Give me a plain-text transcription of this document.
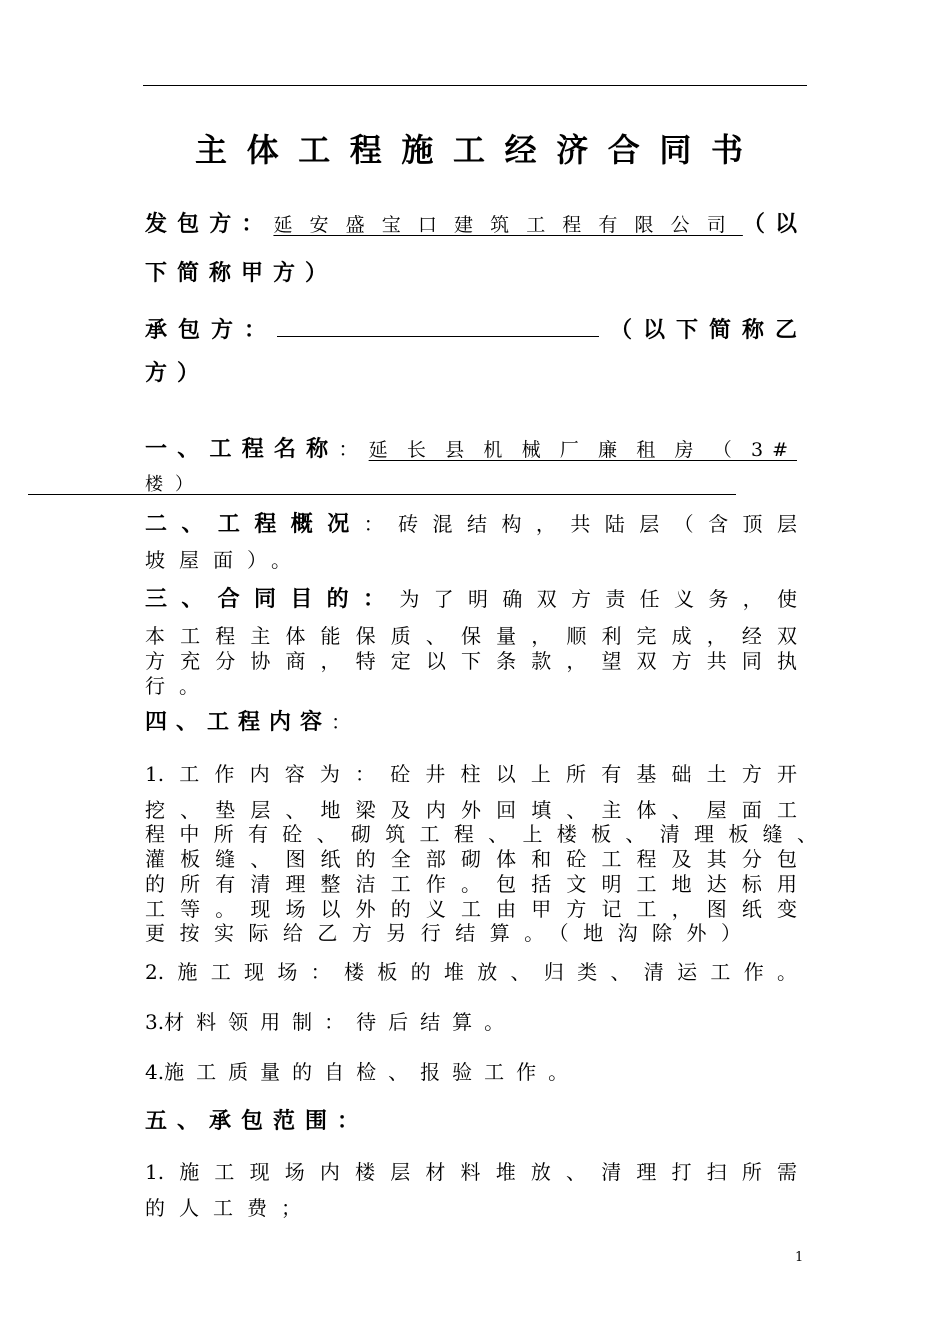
主 体 工 程 施 工 经 济 合 同 书
发包方：延安盛宝口建筑工程有限公司（以
下简称甲方）
承包方：	（以下简称乙
方）
一、工程名称：延长县机械厂廉租房（3#
楼）
二、工程概况：砖混结构，共陆层（含顶层
坡屋面）。
三、合同目的：为了明确双方责任义务，使
本工程主体能保质、保量，顺利完成，经双
方充分协商，特定以下条款，望双方共同执
行。
四、工程内容：
1.工作内容为：砼井柱以上所有基础土方开
挖、垫层、地梁及内外回填、主体、屋面工
程中所有砼、砌筑工程、上楼板、清理板缝、
灌板缝、图纸的全部砌体和砼工程及其分包
的所有清理整洁工作。包括文明工地达标用
工等。现场以外的义工由甲方记工，图纸变
更按实际给乙方另行结算。（地沟除外）
2.施工现场：楼板的堆放、归类、清运工作。
3.材料领用制：待后结算。
4.施工质量的自检、报验工作。
五、承包范围：
1.施工现场内楼层材料堆放、清理打扫所需
的人工费；
1
